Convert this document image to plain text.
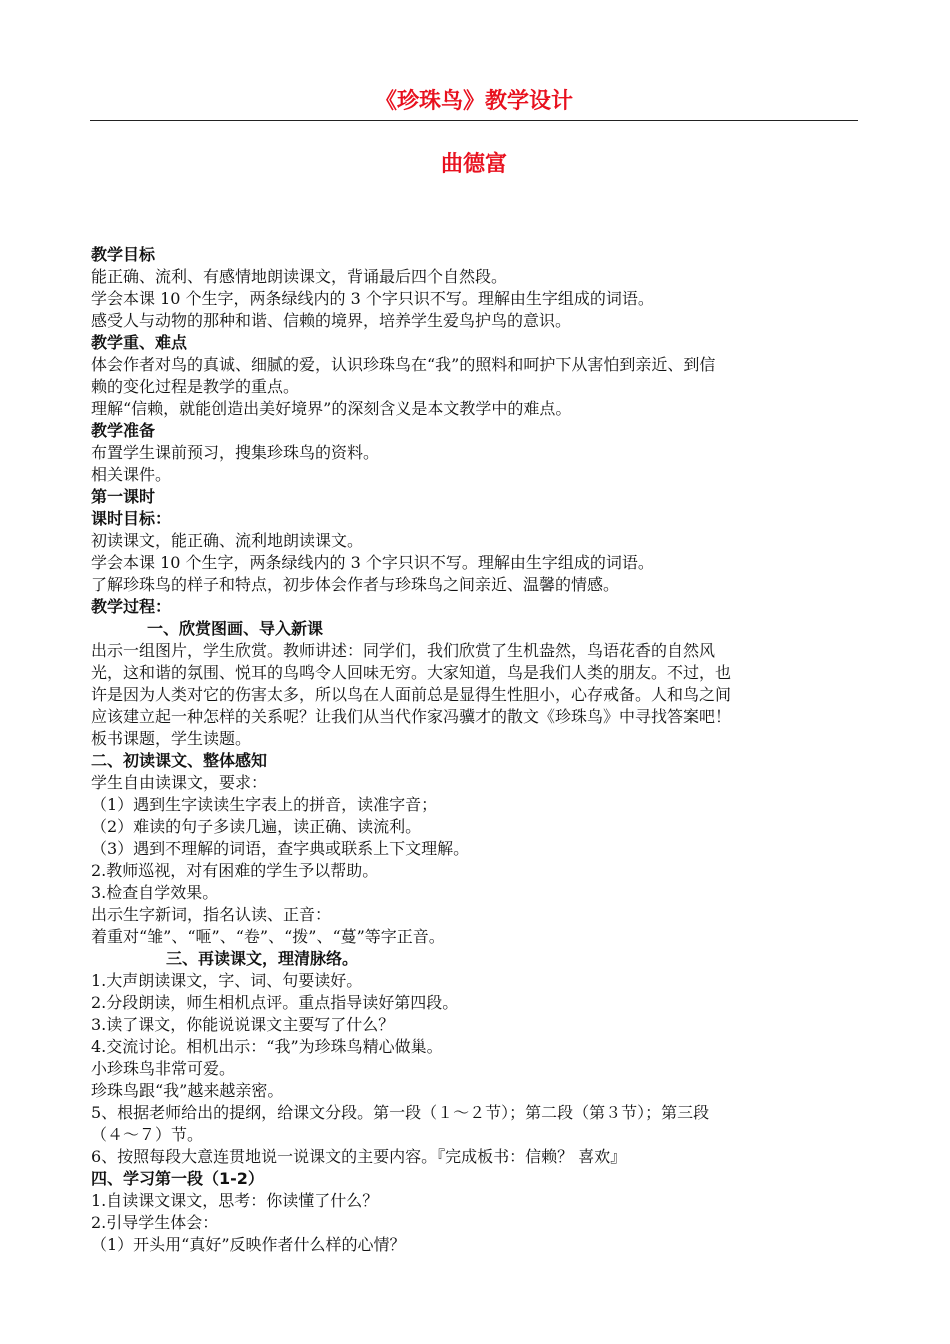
《珍珠鸟》教学设计
曲德富
教学目标
能正确、流利、有感情地朗读课文，背诵最后四个自然段。
学会本课 10 个生字，两条绿线内的 3 个字只识不写。理解由生字组成的词语。
感受人与动物的那种和谐、信赖的境界，培养学生爱鸟护鸟的意识。
教学重、难点
体会作者对鸟的真诚、细腻的爱，认识珍珠鸟在“我”的照料和呵护下从害怕到亲近、到信
赖的变化过程是教学的重点。
理解“信赖，就能创造出美好境界”的深刻含义是本文教学中的难点。
教学准备
布置学生课前预习，搜集珍珠鸟的资料。
相关课件。
第一课时
课时目标：
初读课文，能正确、流利地朗读课文。
学会本课 10 个生字，两条绿线内的 3 个字只识不写。理解由生字组成的词语。
了解珍珠鸟的样子和特点，初步体会作者与珍珠鸟之间亲近、温馨的情感。
教学过程：
一、欣赏图画、导入新课
出示一组图片，学生欣赏。教师讲述：同学们，我们欣赏了生机盎然，鸟语花香的自然风
光，这和谐的氛围、悦耳的鸟鸣令人回味无穷。大家知道，鸟是我们人类的朋友。不过，也
许是因为人类对它的伤害太多，所以鸟在人面前总是显得生性胆小，心存戒备。人和鸟之间
应该建立起一种怎样的关系呢？让我们从当代作家冯骥才的散文《珍珠鸟》中寻找答案吧！
板书课题，学生读题。
二、初读课文、整体感知
学生自由读课文，要求：
（1）遇到生字读读生字表上的拼音，读准字音；
（2）难读的句子多读几遍，读正确、读流利。
（3）遇到不理解的词语，查字典或联系上下文理解。
2.教师巡视，对有困难的学生予以帮助。
3.检查自学效果。
出示生字新词，指名认读、正音：
着重对“雏”、“咂”、“卷”、“拨”、“蔓”等字正音。
三、再读课文，理清脉络。
1.大声朗读课文，字、词、句要读好。
2.分段朗读，师生相机点评。重点指导读好第四段。
3.读了课文，你能说说课文主要写了什么？
4.交流讨论。相机出示：“我”为珍珠鸟精心做巢。
小珍珠鸟非常可爱。
珍珠鸟跟“我”越来越亲密。
5、根据老师给出的提纲，给课文分段。第一段（１～２节）；第二段（第３节）；第三段
（４～７）节。
6、按照每段大意连贯地说一说课文的主要内容。『完成板书：信赖？ 喜欢』
四、学习第一段（1-2）
1.自读课文课文，思考：你读懂了什么？
2.引导学生体会：
（1）开头用“真好”反映作者什么样的心情？
